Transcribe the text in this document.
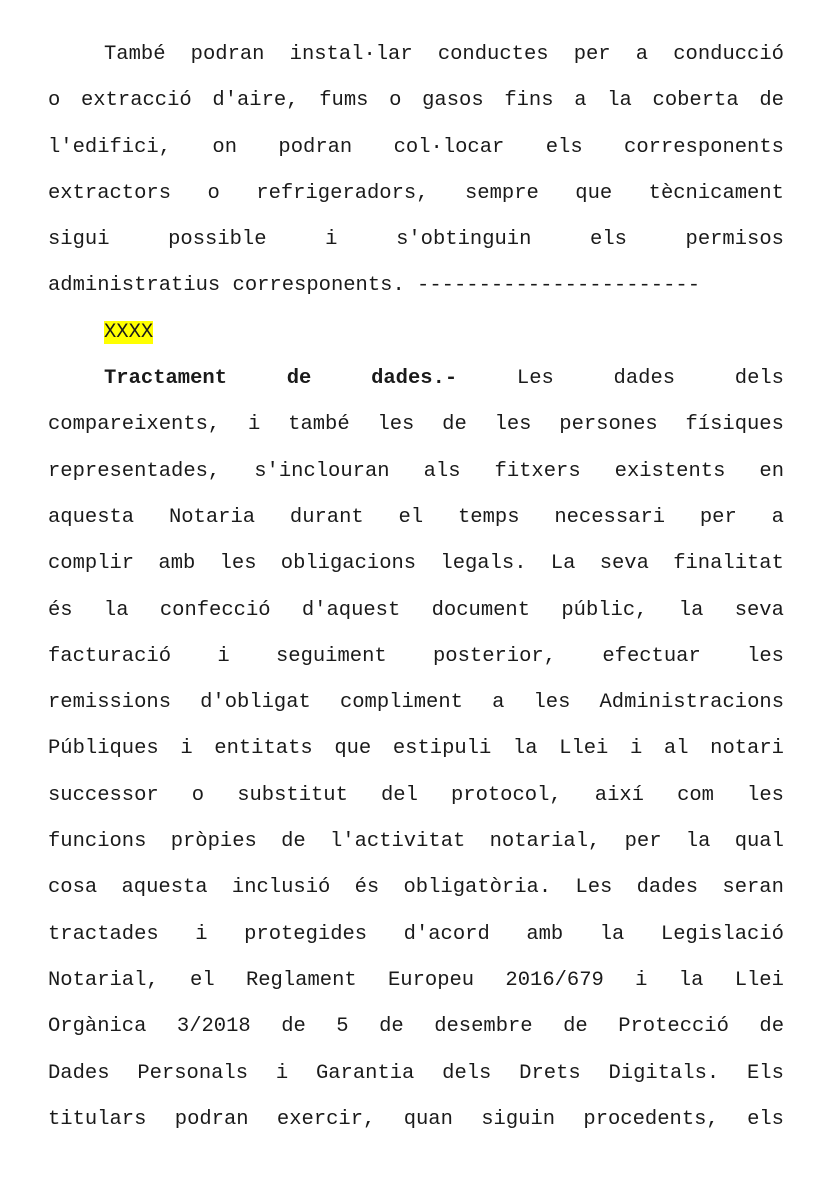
També podran instal·lar conductes per a conducció
o extracció d'aire, fums o gasos fins a la coberta de
l'edifici, on podran col·locar els corresponents
extractors o refrigeradors, sempre que tècnicament
sigui	possible	i	s'obtinguin	els	permisos
administratius corresponents. -----------------------
XXXX
Tractament	de	dades.-	Les	dades	dels
compareixents, i també les de les persones físiques
representades, s'inclouran als fitxers existents en
aquesta Notaria durant el temps necessari per a
complir amb les obligacions legals. La seva finalitat
és la confecció d'aquest document públic, la seva
facturació i seguiment posterior, efectuar les
remissions d'obligat compliment a les Administracions
Públiques i entitats que estipuli la Llei i al notari
successor o substitut del protocol, així com les
funcions pròpies de l'activitat notarial, per la qual
cosa aquesta inclusió és obligatòria. Les dades seran
tractades i protegides d'acord amb la Legislació
Notarial, el Reglament Europeu 2016/679 i la Llei
Orgànica 3/2018 de 5 de desembre de Protecció de
Dades Personals i Garantia dels Drets Digitals. Els
titulars podran exercir, quan siguin procedents, els
